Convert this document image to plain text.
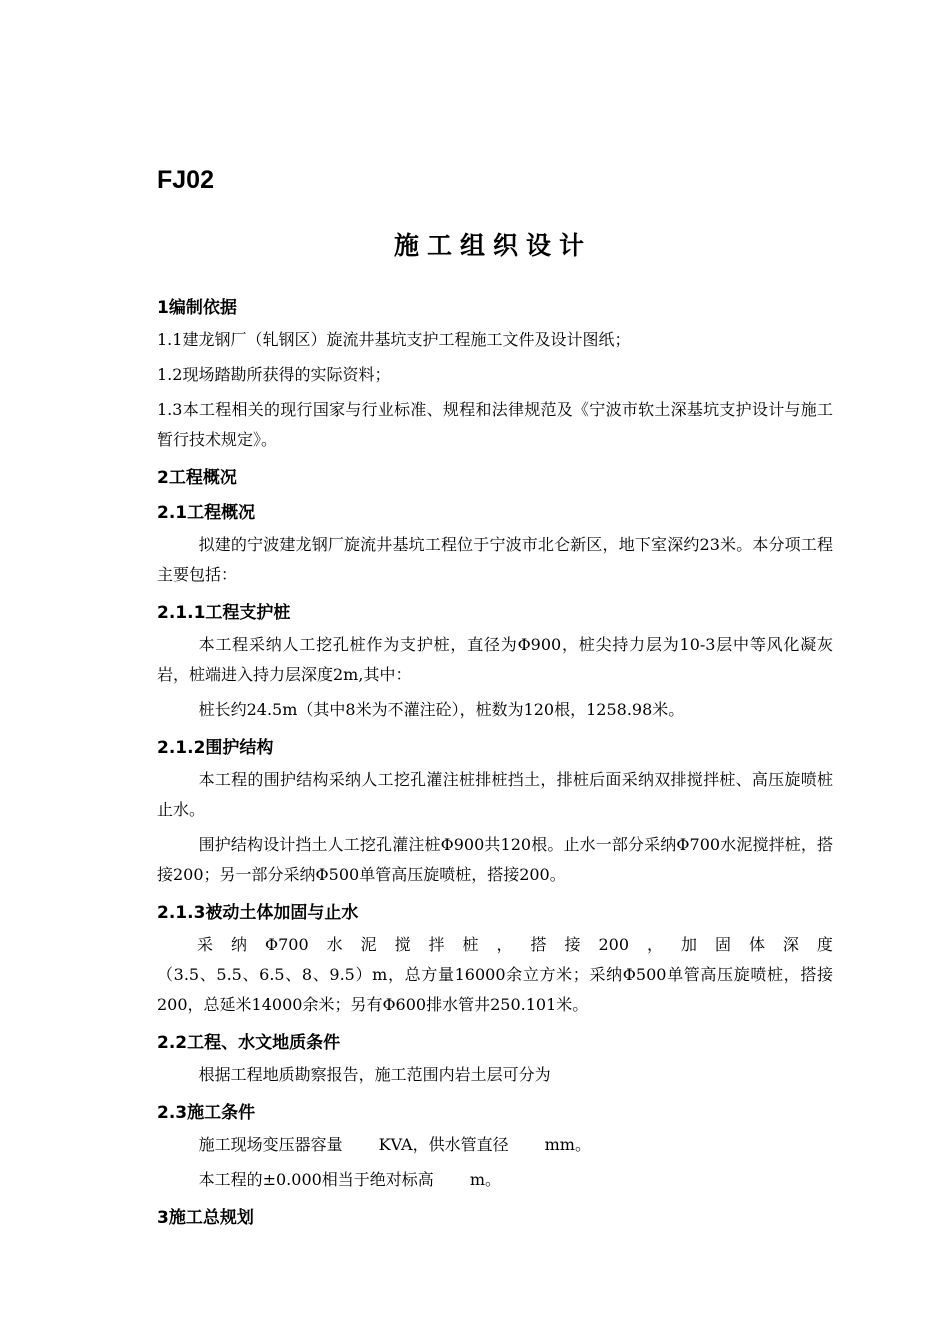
FJ02
施工组织设计
1编制依据

1.1建龙钢厂（轧钢区）旋流井基坑支护工程施工文件及设计图纸；

1.2现场踏勘所获得的实际资料；

1.3本工程相关的现行国家与行业标准、规程和法律规范及《宁波市软土深基坑支护设计与施工暂行技术规定》。

2工程概况
2.1工程概况

拟建的宁波建龙钢厂旋流井基坑工程位于宁波市北仑新区，地下室深约23米。本分项工程主要包括：

2.1.1工程支护桩

本工程采纳人工挖孔桩作为支护桩，直径为Φ900，桩尖持力层为10-3层中等风化凝灰岩，桩端进入持力层深度2m,其中：

桩长约24.5m（其中8米为不灌注砼），桩数为120根，1258.98米。

2.1.2围护结构

本工程的围护结构采纳人工挖孔灌注桩排桩挡土，排桩后面采纳双排搅拌桩、高压旋喷桩止水。

围护结构设计挡土人工挖孔灌注桩Φ900共120根。止水一部分采纳Φ700水泥搅拌桩，搭接200；另一部分采纳Φ500单管高压旋喷桩，搭接200。

2.1.3被动土体加固与止水
采 纳 Φ700 水 泥 搅 拌 桩 ， 搭 接 200 ， 加 固 体 深 度

（3.5、5.5、6.5、8、9.5）m，总方量16000余立方米；采纳Φ500单管高压旋喷桩，搭接200，总延米14000余米；另有Φ600排水管井250.101米。

2.2工程、水文地质条件

根据工程地质勘察报告，施工范围内岩土层可分为

2.3施工条件

施工现场变压器容量 KVA，供水管直径 mm。

本工程的±0.000相当于绝对标高 m。

3施工总规划
